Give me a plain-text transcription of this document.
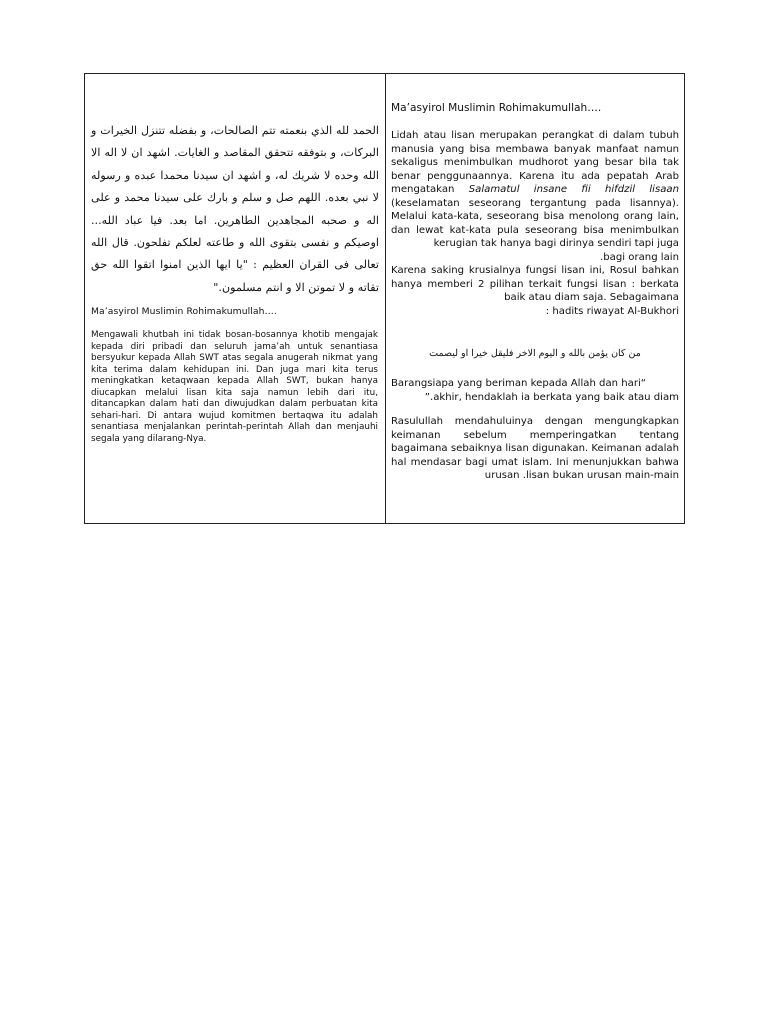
الحمد لله الذي بنعمته تتم الصالحات، و بفضله تتنزل الخيرات و البركات، و بتوفقه تتحقق المقاصد و الغايات. اشهد ان لا اله الا الله وحده لا شريك له، و اشهد ان سيدنا محمدا عبده و رسوله لا نبي بعده. اللهم صل و سلم و بارك على سيدنا محمد و على اله و صحبه المجاهدين الطاهرين. اما بعد. فيا عباد الله... اوصيكم و نفسى بتقوى الله و طاعته لعلكم تفلحون. قال الله تعالى فى القران العظيم : "يا ايها الذين امنوا اتقوا الله حق تقاته و لا تموتن الا و انتم مسلمون."

Ma’asyirol Muslimin Rohimakumullah….

Mengawali khutbah ini tidak bosan-bosannya khotib mengajak kepada diri pribadi dan seluruh jama’ah untuk senantiasa bersyukur kepada Allah SWT atas segala anugerah nikmat yang kita terima dalam kehidupan ini. Dan juga mari kita terus meningkatkan ketaqwaan kepada Allah SWT, bukan hanya diucapkan melalui lisan kita saja namun lebih dari itu, ditancapkan dalam hati dan diwujudkan dalam perbuatan kita sehari-hari. Di antara wujud komitmen bertaqwa itu adalah senantiasa menjalankan perintah-perintah Allah dan menjauhi segala yang dilarang-Nya.

Ma’asyirol Muslimin Rohimakumullah….

Lidah atau lisan merupakan perangkat di dalam tubuh manusia yang bisa membawa banyak manfaat namun sekaligus menimbulkan mudhorot yang besar bila tak benar penggunaannya. Karena itu ada pepatah Arab mengatakan Salamatul insane fii hifdzil lisaan (keselamatan seseorang tergantung pada lisannya). Melalui kata-kata, seseorang bisa menolong orang lain, dan lewat kat-kata pula seseorang bisa menimbulkan kerugian tak hanya bagi dirinya sendiri tapi juga

.bagi orang lain

Karena saking krusialnya fungsi lisan ini, Rosul bahkan hanya memberi 2 pilihan terkait fungsi lisan : berkata baik atau diam saja. Sebagaimana

: hadits riwayat Al-Bukhori

من كان يؤمن بالله و اليوم الاخر فليقل خيرا او ليصمت
Barangsiapa yang beriman kepada Allah dan hari“
”.akhir, hendaklah ia berkata yang baik atau diam

Rasulullah mendahuluinya dengan mengungkapkan keimanan sebelum memperingatkan tentang bagaimana sebaiknya lisan digunakan. Keimanan adalah hal mendasar bagi umat islam. Ini menunjukkan bahwa urusan .lisan bukan urusan main-main
